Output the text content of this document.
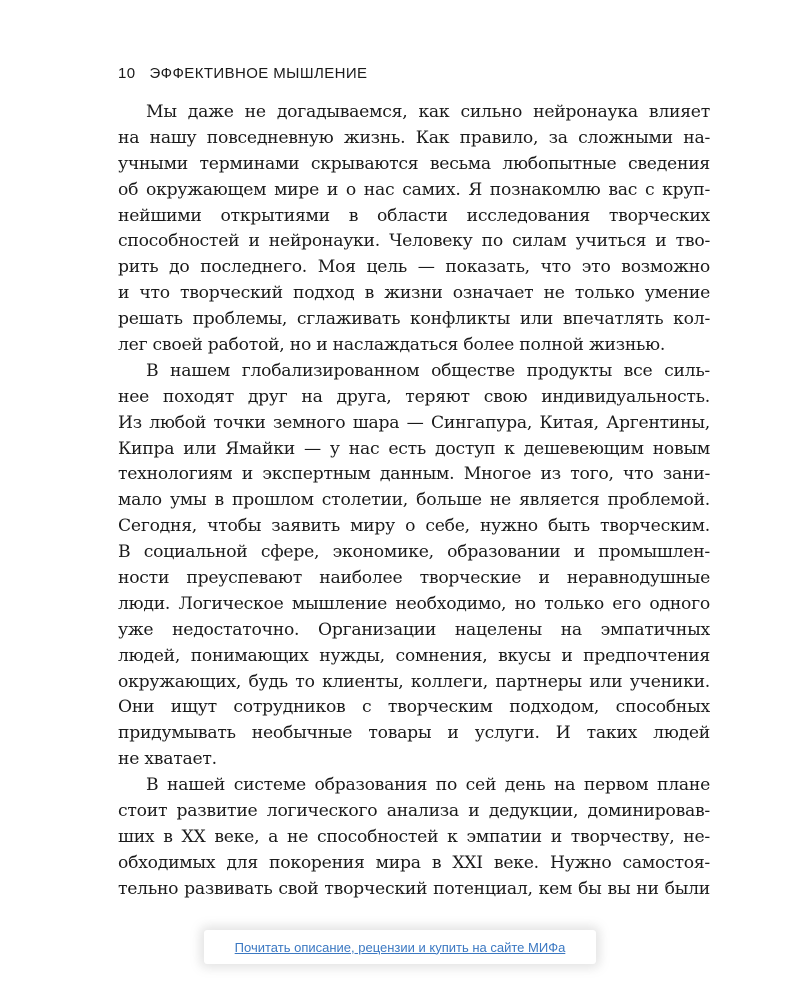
10 ЭФФЕКТИВНОЕ МЫШЛЕНИЕ
Мы даже не догадываемся, как сильно нейронаука влияет
на нашу повседневную жизнь. Как правило, за сложными на-
учными терминами скрываются весьма любопытные сведения
об окружающем мире и о нас самих. Я познакомлю вас с круп-
нейшими открытиями в области исследования творческих
способностей и нейронауки. Человеку по силам учиться и тво-
рить до последнего. Моя цель — показать, что это возможно
и что творческий подход в жизни означает не только умение
решать проблемы, сглаживать конфликты или впечатлять кол-
лег своей работой, но и наслаждаться более полной жизнью.
В нашем глобализированном обществе продукты все силь-
нее походят друг на друга, теряют свою индивидуальность.
Из любой точки земного шара — Сингапура, Китая, Аргентины,
Кипра или Ямайки — у нас есть доступ к дешевеющим новым
технологиям и экспертным данным. Многое из того, что зани-
мало умы в прошлом столетии, больше не является проблемой.
Сегодня, чтобы заявить миру о себе, нужно быть творческим.
В социальной сфере, экономике, образовании и промышлен-
ности преуспевают наиболее творческие и неравнодушные
люди. Логическое мышление необходимо, но только его одного
уже недостаточно. Организации нацелены на эмпатичных
людей, понимающих нужды, сомнения, вкусы и предпочтения
окружающих, будь то клиенты, коллеги, партнеры или ученики.
Они ищут сотрудников с творческим подходом, способных
придумывать необычные товары и услуги. И таких людей
не хватает.
В нашей системе образования по сей день на первом плане
стоит развитие логического анализа и дедукции, доминировав-
ших в XX веке, а не способностей к эмпатии и творчеству, не-
обходимых для покорения мира в XXI веке. Нужно самостоя-
тельно развивать свой творческий потенциал, кем бы вы ни были
Почитать описание, рецензии и купить на сайте МИФа
